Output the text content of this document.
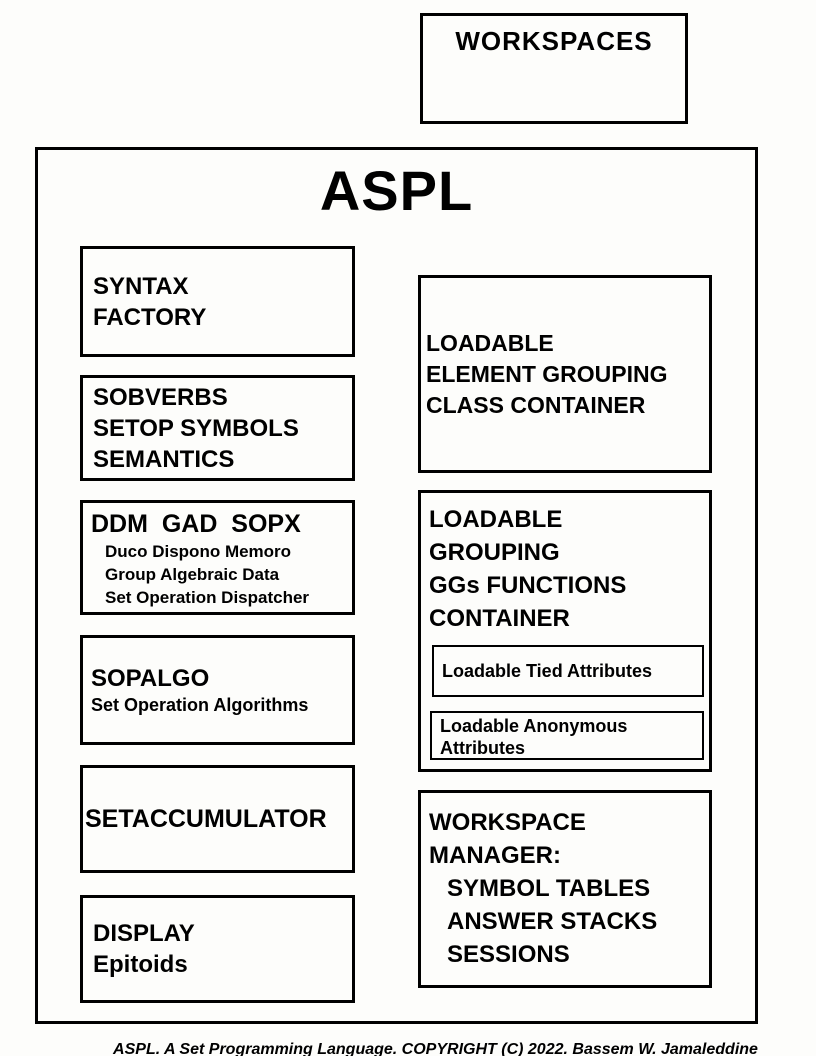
WORKSPACES
ASPL
SYNTAX
FACTORY
SOBVERBS
SETOP SYMBOLS
SEMANTICS
DDM  GAD  SOPX
Duco Dispono Memoro
Group Algebraic Data
Set Operation Dispatcher
SOPALGO
Set Operation Algorithms
SETACCUMULATOR
DISPLAY
Epitoids
LOADABLE
ELEMENT GROUPING
CLASS CONTAINER
LOADABLE
GROUPING
GGs FUNCTIONS
CONTAINER
Loadable Tied Attributes
Loadable Anonymous Attributes
WORKSPACE
MANAGER:
SYMBOL TABLES
ANSWER STACKS
SESSIONS
ASPL. A Set Programming Language. COPYRIGHT (C) 2022. Bassem W. Jamaleddine
